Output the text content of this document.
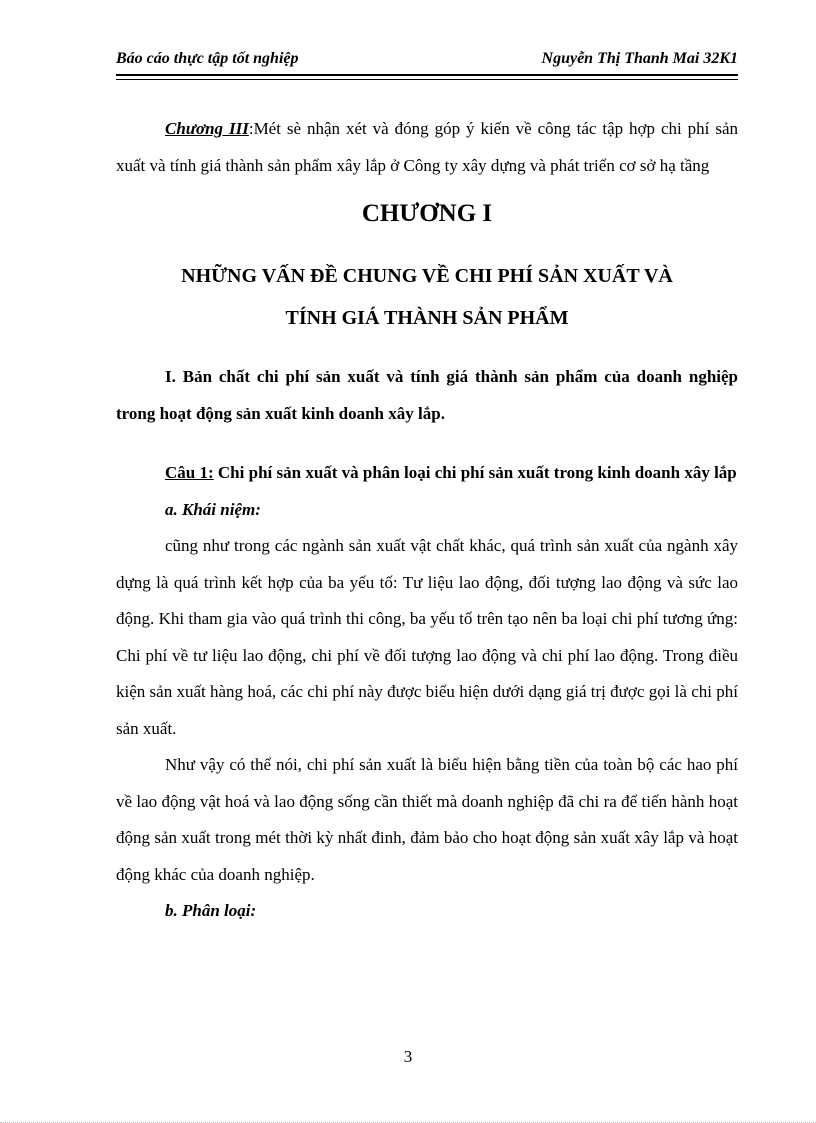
Báo cáo thực tập tốt nghiệp	Nguyễn Thị Thanh Mai 32K1

Chương III:Mét sè nhận xét và đóng góp ý kiến về công tác tập hợp chi phí sản xuất và tính giá thành sản phẩm xây lắp ở Công ty xây dựng và phát triển cơ sở hạ tầng

CHƯƠNG I
NHỮNG VẤN ĐỀ CHUNG VỀ CHI PHÍ SẢN XUẤT VÀ
TÍNH GIÁ THÀNH SẢN PHẨM

I. Bản chất chi phí sản xuất và tính giá thành sản phẩm của doanh nghiệp trong hoạt động sản xuất kinh doanh xây lắp.

Câu 1: Chi phí sản xuất và phân loại chi phí sản xuất trong kinh doanh xây lắp

a. Khái niệm:

cũng như trong các ngành sản xuất vật chất khác, quá trình sản xuất của ngành xây dựng là quá trình kết hợp của ba yếu tố: Tư liệu lao động, đối tượng lao động và sức lao động. Khi tham gia vào quá trình thi công, ba yếu tố trên tạo nên ba loại chi phí tương ứng: Chi phí về tư liệu lao động, chi phí về đối tượng lao động và chi phí lao động. Trong điều kiện sản xuất hàng hoá, các chi phí này được biểu hiện dưới dạng giá trị được gọi là chi phí sản xuất.

Như vậy có thể nói, chi phí sản xuất là biểu hiện bằng tiền của toàn bộ các hao phí về lao động vật hoá và lao động sống cần thiết mà doanh nghiệp đã chi ra để tiến hành hoạt động sản xuất trong mét thời kỳ nhất đinh, đảm bảo cho hoạt động sản xuất xây lắp và hoạt động khác của doanh nghiệp.

b. Phân loại:
3
